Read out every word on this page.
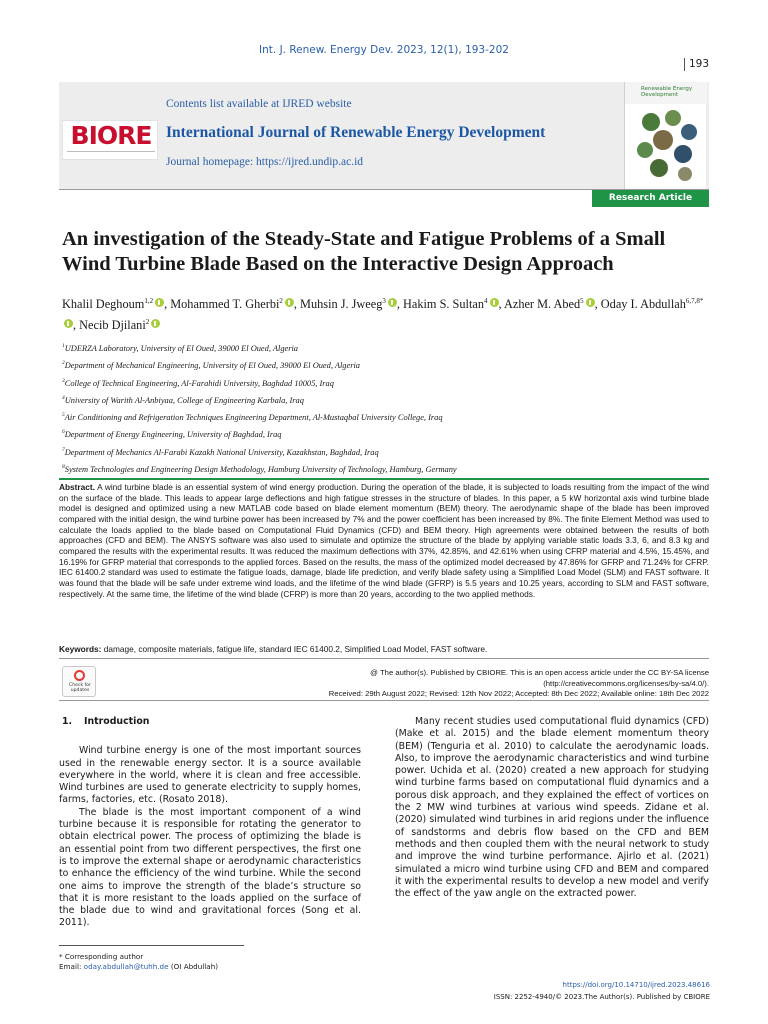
Int. J. Renew. Energy Dev. 2023, 12(1), 193-202
193
BIORE
Contents list available at IJRED website
International Journal of Renewable Energy Development
Journal homepage: https://ijred.undip.ac.id
Renewable Energy Development
Research Article
An investigation of the Steady-State and Fatigue Problems of a Small Wind Turbine Blade Based on the Interactive Design Approach
Khalil Deghoum$^{1,2}$ , Mohammed T. Gherbi$^2$ , Muhsin J. Jweeg$^3$ , Hakim S. Sultan$^4$ , Azher M. Abed$^5$ , Oday I. Abdullah$^{6,7,8*}$, Necib Djilani$^2$
$^1$UDERZA Laboratory, University of El Oued, 39000 El Oued, Algeria
$^2$Department of Mechanical Engineering, University of El Oued, 39000 El Oued, Algeria
$^3$College of Technical Engineering, Al-Farahidi University, Baghdad 10005, Iraq
$^4$University of Warith Al-Anbiyaa, College of Engineering Karbala, Iraq
$^5$Air Conditioning and Refrigeration Techniques Engineering Department, Al-Mustaqbal University College, Iraq
$^6$Department of Energy Engineering, University of Baghdad, Iraq
$^7$Department of Mechanics Al-Farabi Kazakh National University, Kazakhstan, Baghdad, Iraq
$^8$System Technologies and Engineering Design Methodology, Hamburg University of Technology, Hamburg, Germany

Abstract. A wind turbine blade is an essential system of wind energy production. During the operation of the blade, it is subjected to loads resulting from the impact of the wind on the surface of the blade. This leads to appear large deflections and high fatigue stresses in the structure of blades. In this paper, a 5 kW horizontal axis wind turbine blade model is designed and optimized using a new MATLAB code based on blade element momentum (BEM) theory. The aerodynamic shape of the blade has been improved compared with the initial design, the wind turbine power has been increased by 7% and the power coefficient has been increased by 8%. The finite Element Method was used to calculate the loads applied to the blade based on Computational Fluid Dynamics (CFD) and BEM theory. High agreements were obtained between the results of both approaches (CFD and BEM). The ANSYS software was also used to simulate and optimize the structure of the blade by applying variable static loads 3.3, 6, and 8.3 kg and compared the results with the experimental results. It was reduced the maximum deflections with 37%, 42.85%, and 42.61% when using CFRP material and 4.5%, 15.45%, and 16.19% for GFRP material that corresponds to the applied forces. Based on the results, the mass of the optimized model decreased by 47.86% for GFRP and 71.24% for CFRP. IEC 61400.2 standard was used to estimate the fatigue loads, damage, blade life prediction, and verify blade safety using a Simplified Load Model (SLM) and FAST software. It was found that the blade will be safe under extreme wind loads, and the lifetime of the wind blade (GFRP) is 5.5 years and 10.25 years, according to SLM and FAST software, respectively. At the same time, the lifetime of the wind blade (CFRP) is more than 20 years, according to the two applied methods.

Keywords: damage, composite materials, fatigue life, standard IEC 61400.2, Simplified Load Model, FAST software.

Check for updates
@ The author(s). Published by CBIORE. This is an open access article under the CC BY-SA license
(http://creativecommons.org/licenses/by-sa/4.0/).
Received: 29th August 2022; Revised: 12th Nov 2022; Accepted: 8th Dec 2022; Available online: 18th Dec 2022
1. Introduction

Wind turbine energy is one of the most important sources used in the renewable energy sector. It is a source available everywhere in the world, where it is clean and free accessible. Wind turbines are used to generate electricity to supply homes, farms, factories, etc. (Rosato 2018).

The blade is the most important component of a wind turbine because it is responsible for rotating the generator to obtain electrical power. The process of optimizing the blade is an essential point from two different perspectives, the first one is to improve the external shape or aerodynamic characteristics to enhance the efficiency of the wind turbine. While the second one aims to improve the strength of the blade’s structure so that it is more resistant to the loads applied on the surface of the blade due to wind and gravitational forces (Song et al. 2011).

Many recent studies used computational fluid dynamics (CFD) (Make et al. 2015) and the blade element momentum theory (BEM) (Tenguria et al. 2010) to calculate the aerodynamic loads. Also, to improve the aerodynamic characteristics and wind turbine power. Uchida et al. (2020) created a new approach for studying wind turbine farms based on computational fluid dynamics and a porous disk approach, and they explained the effect of vortices on the 2 MW wind turbines at various wind speeds. Zidane et al. (2020) simulated wind turbines in arid regions under the influence of sandstorms and debris flow based on the CFD and BEM methods and then coupled them with the neural network to study and improve the wind turbine performance. Ajirlo et al. (2021) simulated a micro wind turbine using CFD and BEM and compared it with the experimental results to develop a new model and verify the effect of the yaw angle on the extracted power.

* Corresponding author
Email: oday.abdullah@tuhh.de (OI Abdullah)
https://doi.org/10.14710/ijred.2023.48616
ISSN: 2252-4940/© 2023.The Author(s). Published by CBIORE
